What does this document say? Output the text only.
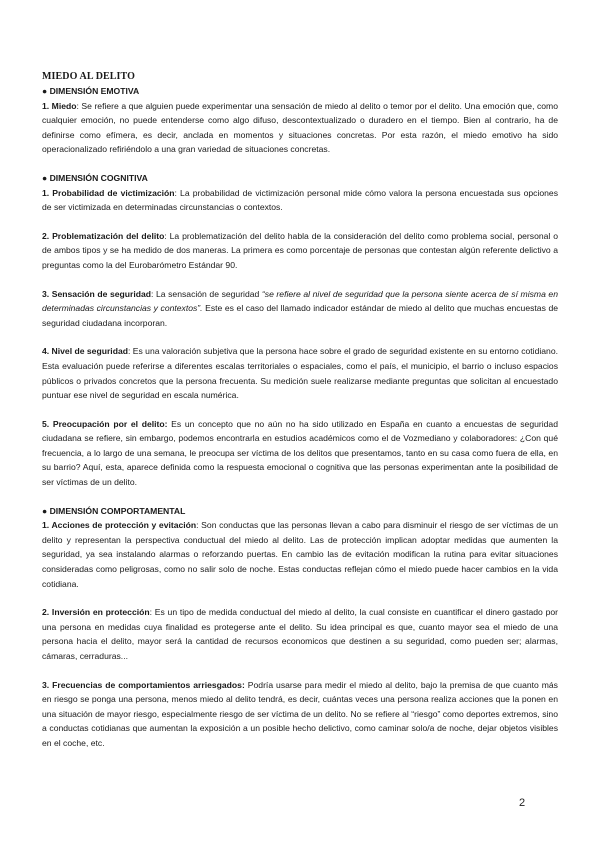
MIEDO AL DELITO
● DIMENSIÓN EMOTIVA

1. Miedo: Se refiere a que alguien puede experimentar una sensación de miedo al delito o temor por el delito. Una emoción que, como cualquier emoción, no puede entenderse como algo difuso, descontextualizado o duradero en el tiempo. Bien al contrario, ha de definirse como efímera, es decir, anclada en momentos y situaciones concretas. Por esta razón, el miedo emotivo ha sido operacionalizado refiriéndolo a una gran variedad de situaciones concretas.

● DIMENSIÓN COGNITIVA

1. Probabilidad de victimización: La probabilidad de victimización personal mide cómo valora la persona encuestada sus opciones de ser victimizada en determinadas circunstancias o contextos.

2. Problematización del delito: La problematización del delito habla de la consideración del delito como problema social, personal o de ambos tipos y se ha medido de dos maneras. La primera es como porcentaje de personas que contestan algún referente delictivo a preguntas como la del Eurobarómetro Estándar 90.

3. Sensación de seguridad: La sensación de seguridad “se refiere al nivel de seguridad que la persona siente acerca de sí misma en determinadas circunstancias y contextos”. Este es el caso del llamado indicador estándar de miedo al delito que muchas encuestas de seguridad ciudadana incorporan.

4. Nivel de seguridad: Es una valoración subjetiva que la persona hace sobre el grado de seguridad existente en su entorno cotidiano. Esta evaluación puede referirse a diferentes escalas territoriales o espaciales, como el país, el municipio, el barrio o incluso espacios públicos o privados concretos que la persona frecuenta. Su medición suele realizarse mediante preguntas que solicitan al encuestado puntuar ese nivel de seguridad en escala numérica.

5. Preocupación por el delito: Es un concepto que no aún no ha sido utilizado en España en cuanto a encuestas de seguridad ciudadana se refiere, sin embargo, podemos encontrarla en estudios académicos como el de Vozmediano y colaboradores: ¿Con qué frecuencia, a lo largo de una semana, le preocupa ser víctima de los delitos que presentamos, tanto en su casa como fuera de ella, en su barrio? Aquí, esta, aparece definida como la respuesta emocional o cognitiva que las personas experimentan ante la posibilidad de ser víctimas de un delito.

● DIMENSIÓN COMPORTAMENTAL

1. Acciones de protección y evitación: Son conductas que las personas llevan a cabo para disminuir el riesgo de ser víctimas de un delito y representan la perspectiva conductual del miedo al delito. Las de protección implican adoptar medidas que aumenten la seguridad, ya sea instalando alarmas o reforzando puertas. En cambio las de evitación modifican la rutina para evitar situaciones consideradas como peligrosas, como no salir solo de noche. Estas conductas reflejan cómo el miedo puede hacer cambios en la vida cotidiana.

2. Inversión en protección: Es un tipo de medida conductual del miedo al delito, la cual consiste en cuantificar el dinero gastado por una persona en medidas cuya finalidad es protegerse ante el delito. Su idea principal es que, cuanto mayor sea el miedo de una persona hacia el delito, mayor será la cantidad de recursos economicos que destinen a su seguridad, como pueden ser; alarmas, cámaras, cerraduras...

3. Frecuencias de comportamientos arriesgados: Podría usarse para medir el miedo al delito, bajo la premisa de que cuanto más en riesgo se ponga una persona, menos miedo al delito tendrá, es decir, cuántas veces una persona realiza acciones que la ponen en una situación de mayor riesgo, especialmente riesgo de ser víctima de un delito. No se refiere al “riesgo” como deportes extremos, sino a conductas cotidianas que aumentan la exposición a un posible hecho delictivo, como caminar solo/a de noche, dejar objetos visibles en el coche, etc.

2
